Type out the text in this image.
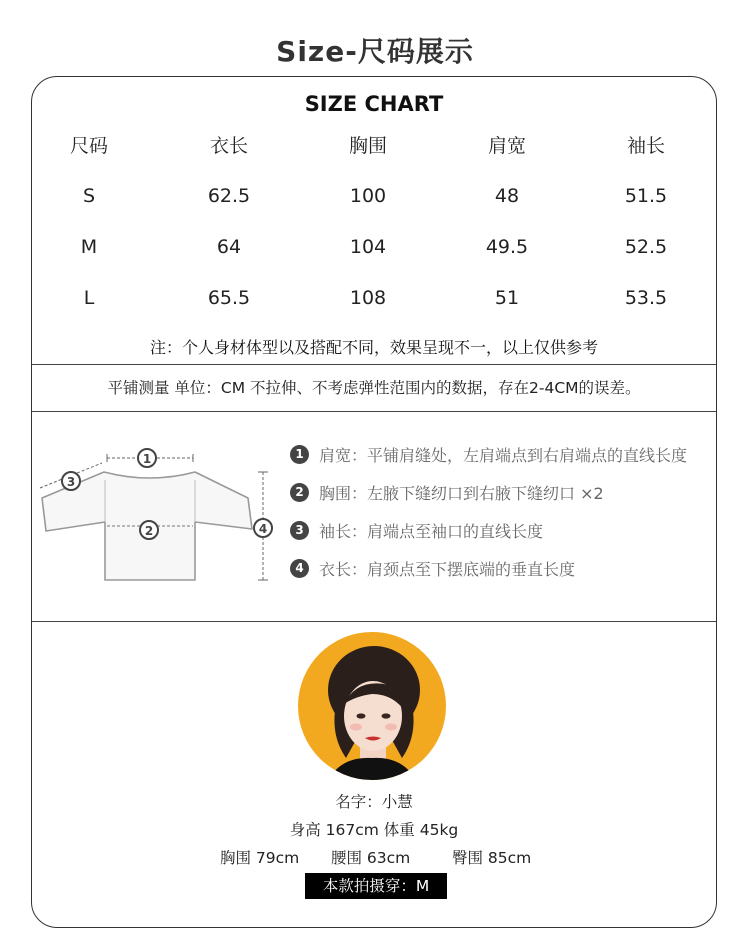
Size-尺码展示
SIZE CHART
尺码	衣长	胸围	肩宽	袖长
S	62.5	100	48	51.5
M	64	104	49.5	52.5
L	65.5	108	51	53.5
注：个人身材体型以及搭配不同，效果呈现不一，以上仅供参考
平铺测量 单位：CM 不拉伸、不考虑弹性范围内的数据，存在2-4CM的误差。
1
2
3
4
1 肩宽：平铺肩缝处，左肩端点到右肩端点的直线长度
2 胸围：左腋下缝纫口到右腋下缝纫口 ×2
3 袖长：肩端点至袖口的直线长度
4 衣长：肩颈点至下摆底端的垂直长度
名字：小慧
身高 167cm 体重 45kg
胸围 79cm 腰围 63cm	臀围 85cm
本款拍摄穿：M
